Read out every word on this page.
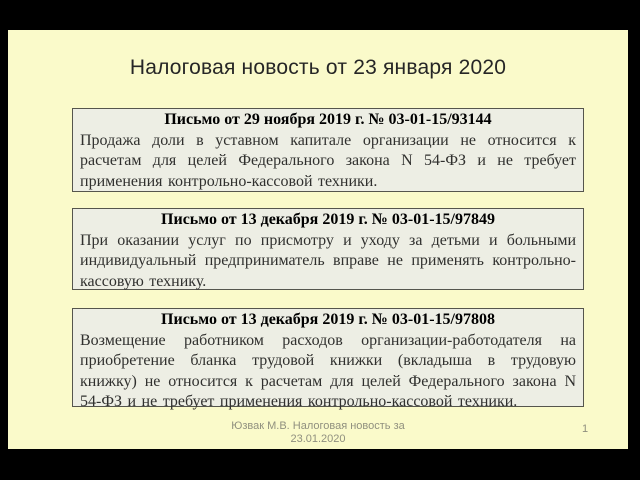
Налоговая новость от 23 января 2020
Письмо от 29 ноября 2019 г. № 03-01-15/93144
Продажа доли в уставном капитале организации не относится к расчетам для целей Федерального закона N 54-ФЗ и не требует применения контрольно-кассовой техники.
Письмо от 13 декабря 2019 г. № 03-01-15/97849
При оказании услуг по присмотру и уходу за детьми и больными индивидуальный предприниматель вправе не применять контрольно-кассовую технику.
Письмо от 13 декабря 2019 г. № 03-01-15/97808
Возмещение работником расходов организации-работодателя на приобретение бланка трудовой книжки (вкладыша в трудовую книжку) не относится к расчетам для целей Федерального закона N 54-ФЗ и не требует применения контрольно-кассовой техники.
Юзвак М.В. Налоговая новость за
23.01.2020
1
